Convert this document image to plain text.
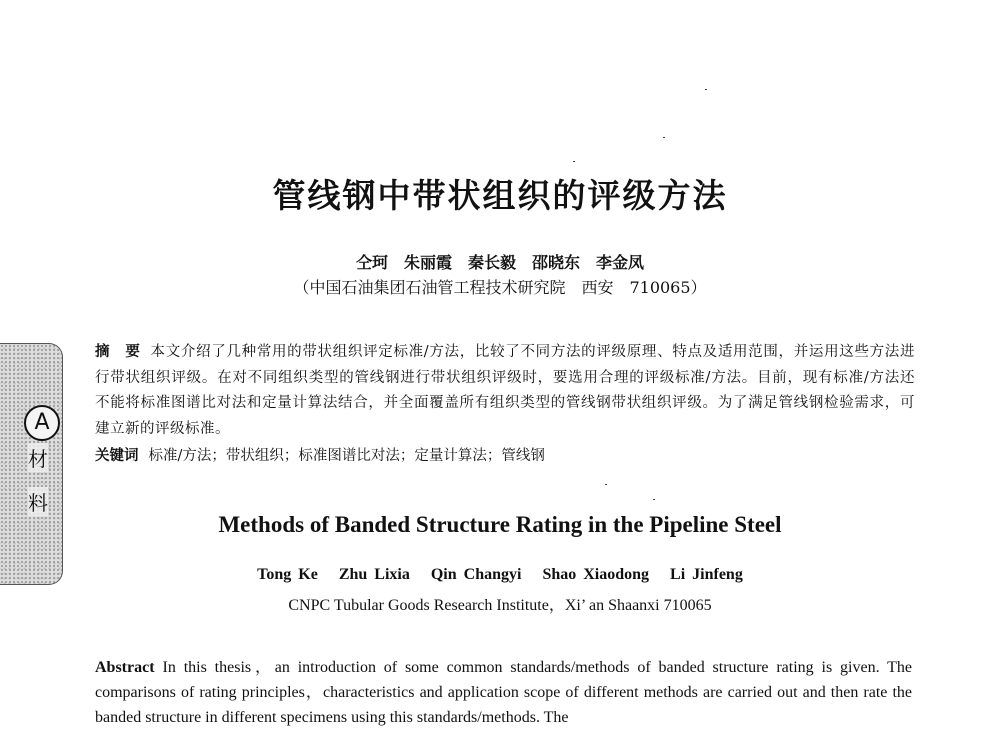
A
材
料
管线钢中带状组织的评级方法
仝珂　朱丽霞　秦长毅　邵晓东　李金凤
（中国石油集团石油管工程技术研究院　西安　710065）
摘　要 本文介绍了几种常用的带状组织评定标准/方法，比较了不同方法的评级原理、特点及适用范围，并运用这些方法进行带状组织评级。在对不同组织类型的管线钢进行带状组织评级时，要选用合理的评级标准/方法。目前，现有标准/方法还不能将标准图谱比对法和定量计算法结合，并全面覆盖所有组织类型的管线钢带状组织评级。为了满足管线钢检验需求，可建立新的评级标准。
关键词 标准/方法；带状组织；标准图谱比对法；定量计算法；管线钢
Methods of Banded Structure Rating in the Pipeline Steel
Tong Ke Zhu Lixia Qin Changyi Shao Xiaodong Li Jinfeng
CNPC Tubular Goods Research Institute，Xi’ an Shaanxi 710065
Abstract In this thesis，an introduction of some common standards/methods of banded structure rating is given. The comparisons of rating principles，characteristics and application scope of different methods are carried out and then rate the banded structure in different specimens using this standards/methods. The
